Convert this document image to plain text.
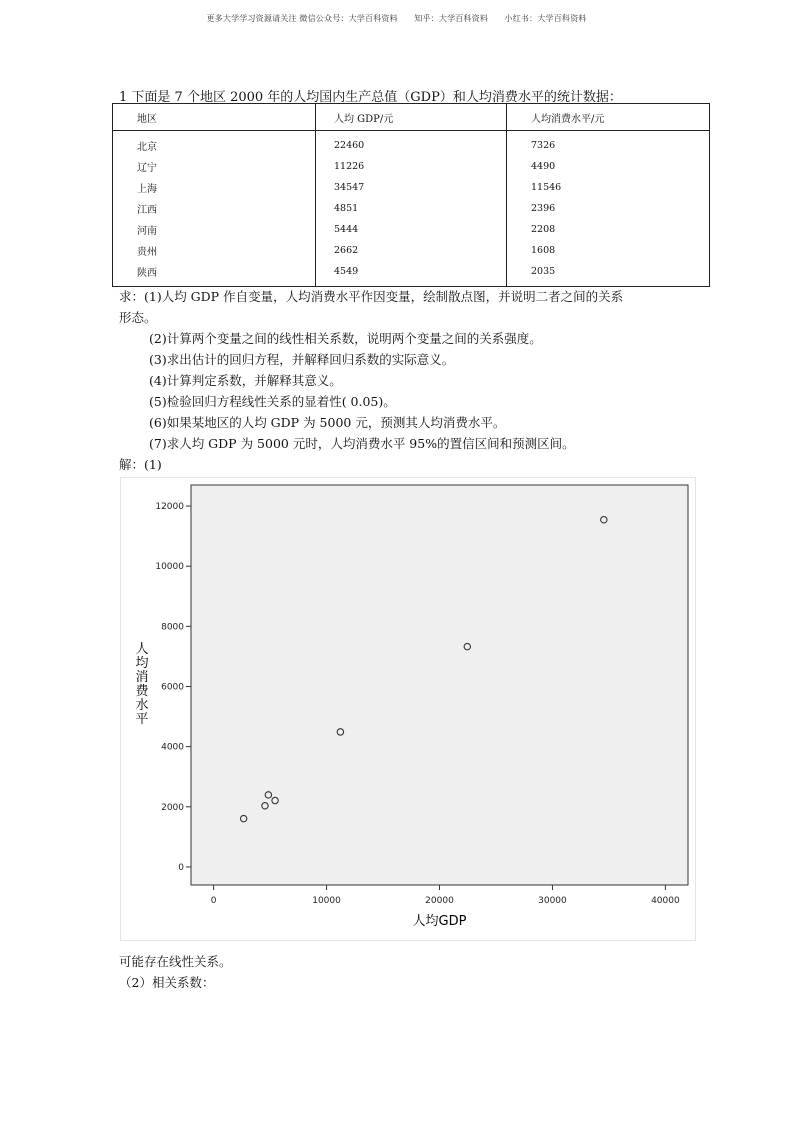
更多大学学习资源请关注 微信公众号：大学百科资料      知乎：大学百科资料      小红书：大学百科资料
1 下面是 7 个地区 2000 年的人均国内生产总值（GDP）和人均消费水平的统计数据：
地区	人均 GDP/元	人均消费水平/元
北京	22460	7326
辽宁	11226	4490
上海	34547	11546
江西	4851	2396
河南	5444	2208
贵州	2662	1608
陕西	4549	2035
求：(1)人均 GDP 作自变量，人均消费水平作因变量，绘制散点图，并说明二者之间的关系
形态。
(2)计算两个变量之间的线性相关系数，说明两个变量之间的关系强度。
(3)求出估计的回归方程，并解释回归系数的实际意义。
(4)计算判定系数，并解释其意义。
(5)检验回归方程线性关系的显着性( 0.05)。
(6)如果某地区的人均 GDP 为 5000 元，预测其人均消费水平。
(7)求人均 GDP 为 5000 元时，人均消费水平 95%的置信区间和预测区间。
解：(1)
0	10000	20000	30000	40000
0
2000
4000
6000
8000
10000
12000
人均GDP
人均消费水平
可能存在线性关系。
（2）相关系数：
